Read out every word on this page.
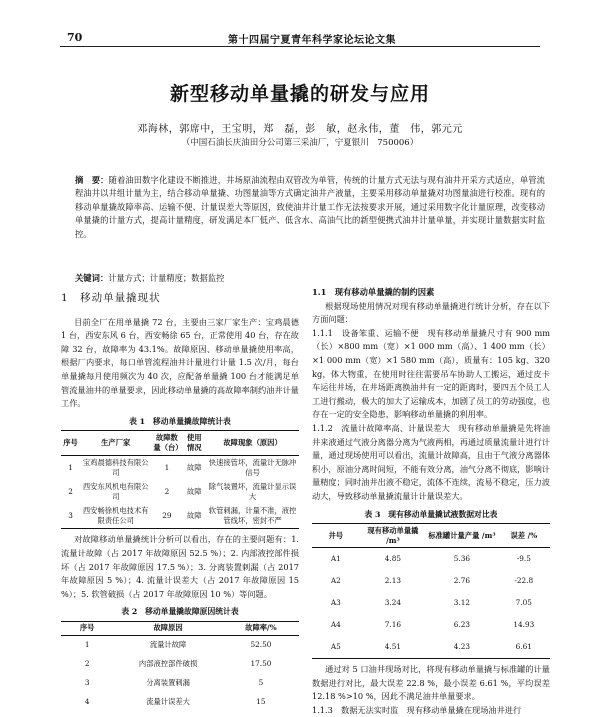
70	第十四届宁夏青年科学家论坛论文集
新型移动单量撬的研发与应用
邓海林，郭席中，王宝明，郑　磊，彭　敏，赵永伟，董　伟，郭元元
（中国石油长庆油田分公司第三采油厂，宁夏银川　750006）
摘　要：随着油田数字化建设不断推进，井场原油流程由双管改为单管，传统的计量方式无法与现有油井开采方式适应，单管流程油井以井组计量为主，结合移动单量撬、功图量油等方式确定油井产液量，主要采用移动单量撬对功图量油进行校准。现有的移动单量撬故障率高、运输不便、计量误差大等原因，致使油井计量工作无法按要求开展，通过采用数字化计量原理，改变移动单量撬的计量方式，提高计量精度，研发满足本厂低产、低含水、高油气比的新型便携式油井计量单量，并实现计量数据实时监控。
关键词：计量方式；计量精度；数据监控
1　移动单量撬现状

目前全厂在用单量撬 72 台，主要由三家厂家生产：宝鸡晨德 1 台，西安东风 6 台，西安畅徐 65 台，正常使用 40 台，存在故障 32 台，故障率为 43.1%。故障原因、移动单量撬使用率高，根据厂内要求，每口单管流程油井计量进行计量 1.5 次/月，每台单量撬每月使用频次为 40 次，应配备单量撬 100 台才能满足单管流量油井的单量要求，因此移动单量撬的高故障率制约油井计量工作。

表 1　移动单量撬故障统计表
序号	生产厂家	故障数量（台）	使用情况	故障现象（原因）
1	宝鸡晨德科技有限公司	1	故障	快速接管坏，流量计无脉冲信号
2	西安东风机电有限公司	2	故障	除气装置坏，流量计显示误大
3	西安畅徐机电技术有限责任公司	29	故障	软管刺漏，计量不准，液控管线坏，密封不严

对故障移动单量撬统计分析可以看出，存在的主要问题有：1. 流量计故障（占 2017 年故障原因 52.5 %）；2. 内部液控部件损坏（占 2017 年故障原因 17.5 %）；3. 分离装置刺漏（占 2017 年故障原因 5 %）；4. 流量计误差大（占 2017 年故障原因 15 %）；5. 软管破损（占 2017 年故障原因 10 %）等问题。

表 2　移动单量撬故障原因统计表
序号	故障原因	故障率/%
1	流量计故障	52.50
2	内部液控部件破损	17.50
3	分离装置刺漏	5
4	流量计误差大	15
1.1　现有移动单量撬的制约因素

根据现场使用情况对现有移动单量撬进行统计分析，存在以下方面问题：

1.1.1　设备笨重、运输不便　现有移动单量撬尺寸有 900 mm（长）×800 mm（宽）×1 000 mm（高）、1 400 mm（长）×1 000 mm（宽）×1 580 mm（高），质量有：105 kg、320 kg，体大物重，在使用时往往需要吊车协助人工搬运，通过皮卡车运往井场，在井场距离换油井有一定的距离时，要四五个员工人工进行搬动，极大的加大了运输成本，加剧了员工的劳动强度，也存在一定的安全隐患，影响移动单量撬的利用率。

1.1.2　流量计故障率高、计量误差大　现有移动单量撬是先将油井来液通过气液分离器分离为气液两相，再通过质量流量计进行计量，通过现场使用可以看出，流量计故障高，且由于气液分离器体积小，原油分离时间短，不能有效分离，油气分离不彻底，影响计量精度；同时油井出液不稳定，流体不连续，流易不稳定，压力波动大，导致移动单量撬流量计计量误差大。

表 3　现有移动单量撬试液数据对比表
井号	现有移动单量撬 /m³	标准罐计量产量 /m³	误差 /%
A1	4.85	5.36	-9.5
A2	2.13	2.76	-22.8
A3	3.24	3.12	7.05
A4	7.16	6.23	14.93
A5	4.51	4.23	6.61

通过对 5 口油井现场对比，将现有移动单量撬与标准罐的计量数据进行对比，最大误差 22.8 %，最小误差 6.61 %，平均误差 12.18 %>10 %，因此不满足油井单量要求。

1.1.3　数据无法实时监　现有移动单量撬在现场油井进行
